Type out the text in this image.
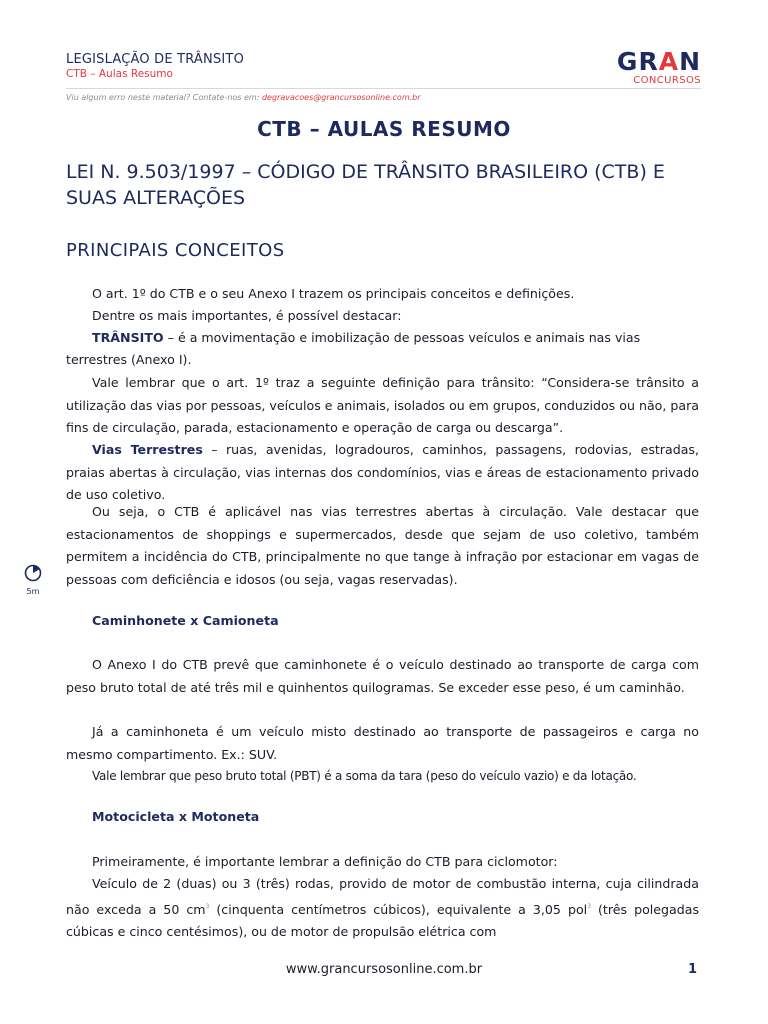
LEGISLAÇÃO DE TRÂNSITO
CTB – Aulas Resumo	GRAN
CONCURSOS
Viu algum erro neste material? Contate-nos em: degravacoes@grancursosonline.com.br
CTB – AULAS RESUMO
LEI N. 9.503/1997 – CÓDIGO DE TRÂNSITO BRASILEIRO (CTB) E SUAS ALTERAÇÕES
PRINCIPAIS CONCEITOS

O art. 1º do CTB e o seu Anexo I trazem os principais conceitos e definições.

Dentre os mais importantes, é possível destacar:

TRÂNSITO – é a movimentação e imobilização de pessoas veículos e animais nas vias

terrestres (Anexo I).

Vale lembrar que o art. 1º traz a seguinte definição para trânsito: “Considera-se trânsito a utilização das vias por pessoas, veículos e animais, isolados ou em grupos, conduzidos ou não, para fins de circulação, parada, estacionamento e operação de carga ou descarga”.

Vias Terrestres – ruas, avenidas, logradouros, caminhos, passagens, rodovias, estradas, praias abertas à circulação, vias internas dos condomínios, vias e áreas de estacionamento privado de uso coletivo.

Ou seja, o CTB é aplicável nas vias terrestres abertas à circulação. Vale destacar que estacionamentos de shoppings e supermercados, desde que sejam de uso coletivo, também permitem a incidência do CTB, principalmente no que tange à infração por estacionar em vagas de pessoas com deficiência e idosos (ou seja, vagas reservadas).

5m
Caminhonete x Camioneta

O Anexo I do CTB prevê que caminhonete é o veículo destinado ao transporte de carga com peso bruto total de até três mil e quinhentos quilogramas. Se exceder esse peso, é um caminhão.

Já a caminhoneta é um veículo misto destinado ao transporte de passageiros e carga no mesmo compartimento. Ex.: SUV.

Vale lembrar que peso bruto total (PBT) é a soma da tara (peso do veículo vazio) e da lotação.

Motocicleta x Motoneta

Primeiramente, é importante lembrar a definição do CTB para ciclomotor:

Veículo de 2 (duas) ou 3 (três) rodas, provido de motor de combustão interna, cuja cilindrada não exceda a 50 $cm^3$ (cinquenta centímetros cúbicos), equivalente a 3,05 pol$^3$ (três polegadas cúbicas e cinco centésimos), ou de motor de propulsão elétrica com

www.grancursosonline.com.br	1
